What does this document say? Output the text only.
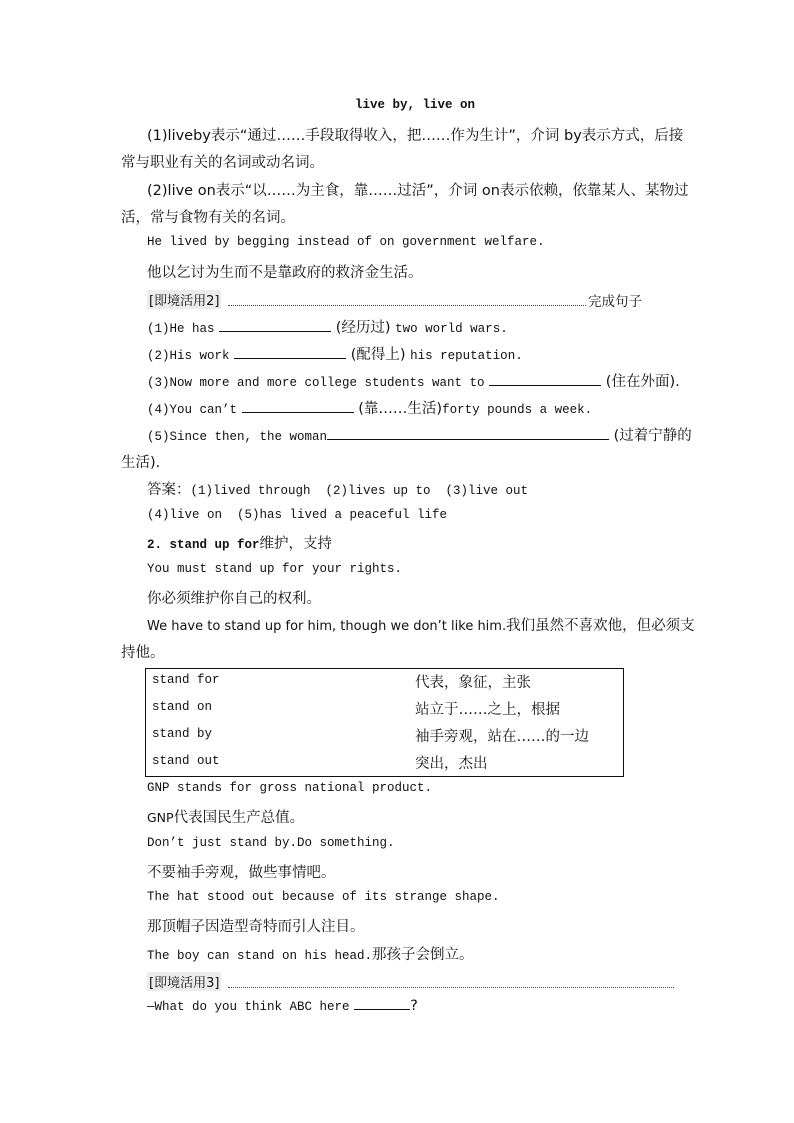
live by, live on
(1)liveby表示“通过……手段取得收入，把……作为生计”，介词 by表示方式，后接
常与职业有关的名词或动名词。
(2)live on表示“以……为主食，靠……过活”，介词 on表示依赖，依靠某人、某物过
活，常与食物有关的名词。
He lived by begging instead of on government welfare.
他以乞讨为生而不是靠政府的救济金生活。
[即境活用2]	完成句子
(1)He has	(经历过) two world wars.
(2)His work	(配得上) his reputation.
(3)Now more and more college students want to	(住在外面).
(4)You can’t	(靠……生活)forty pounds a week.
(5)Since then, the woman	(过着宁静的
生活).
答案：(1)lived through  (2)lives up to  (3)live out
(4)live on  (5)has lived a peaceful life
2. stand up for维护，支持
You must stand up for your rights.
你必须维护你自己的权利。
We have to stand up for him, though we don’t like him.我们虽然不喜欢他，但必须支
持他。
stand for	代表，象征，主张
stand on	站立于……之上，根据
stand by	袖手旁观，站在……的一边
stand out	突出，杰出
GNP stands for gross national product.
GNP代表国民生产总值。
Don’t just stand by.Do something.
不要袖手旁观，做些事情吧。
The hat stood out because of its strange shape.
那顶帽子因造型奇特而引人注目。
The boy can stand on his head.那孩子会倒立。
[即境活用3]
—What do you think ABC here	?
